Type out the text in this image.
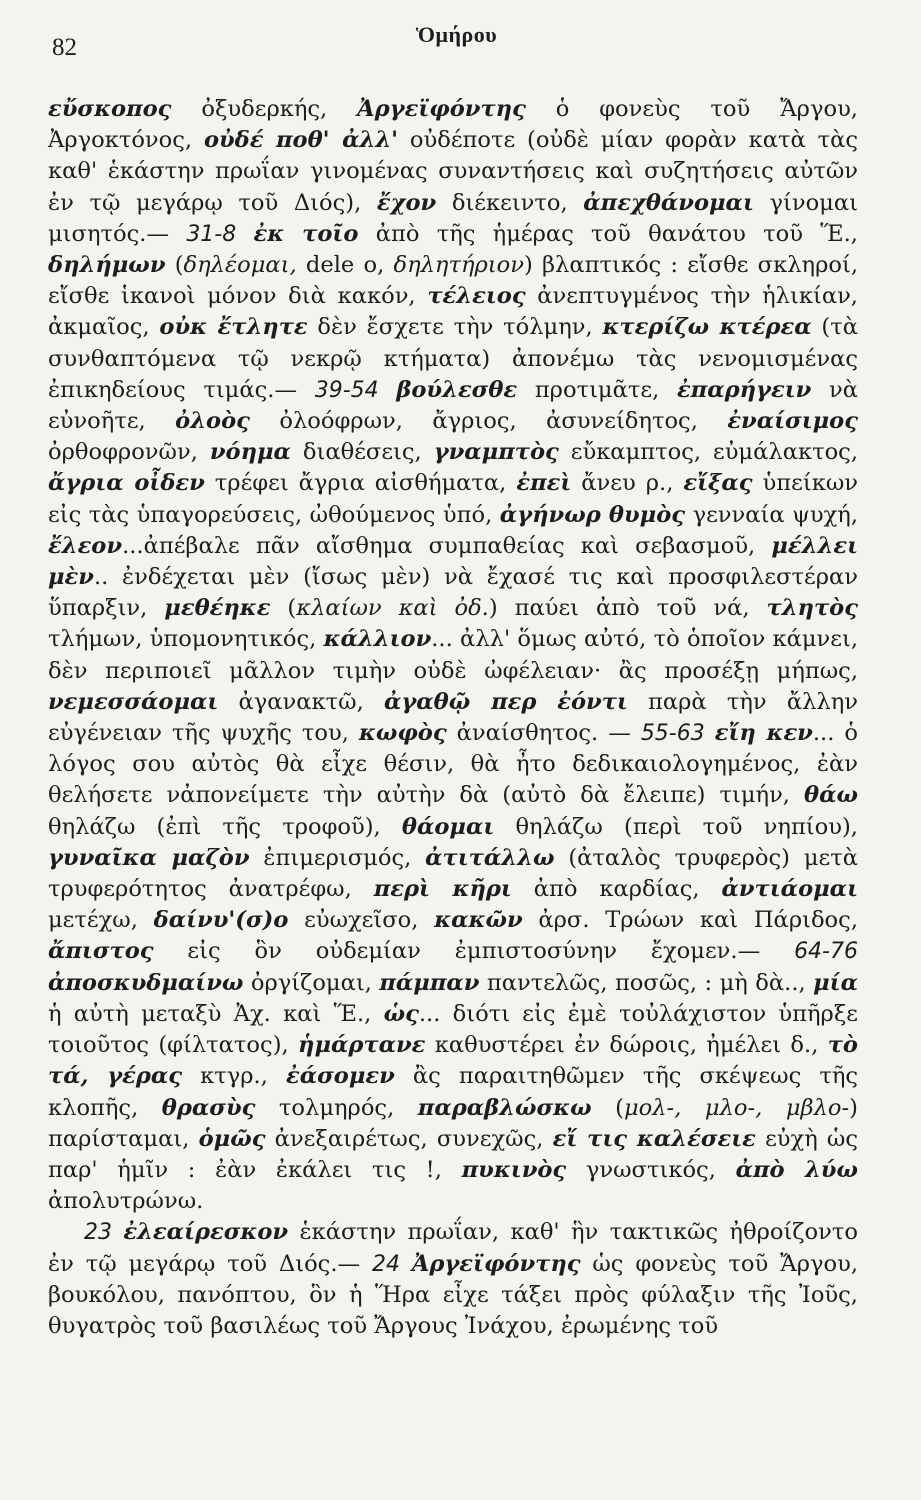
82	Ὁμήρου

εὔσκοπος ὀξυδερκής, Ἀργεϊφόντης ὁ φονεὺς τοῦ Ἄργου, Ἀργοκτόνος, οὐδέ ποθ' ἀλλ' οὐδέποτε (οὐδὲ μίαν φορὰν κατὰ τὰς καθ' ἑκάστην πρωΐαν γινομένας συναντήσεις καὶ συζητήσεις αὐτῶν ἐν τῷ μεγάρῳ τοῦ Διός), ἔχον διέκειντο, ἀπεχθάνομαι γίνομαι μισητός.— 31-8 ἐκ τοῖο ἀπὸ τῆς ἡμέρας τοῦ θανάτου τοῦ Ἕ., δηλήμων (δηλέομαι, dele o, δηλητήριον) βλαπτικός : εἴσθε σκληροί, εἴσθε ἱκανοὶ μόνον διὰ κακόν, τέλειος ἀνεπτυγμένος τὴν ἡλικίαν, ἀκμαῖος, οὐκ ἔτλητε δὲν ἔσχετε τὴν τόλμην, κτερίζω κτέρεα (τὰ συνθαπτόμενα τῷ νεκρῷ κτήματα) ἀπονέμω τὰς νενομισμένας ἐπικηδείους τιμάς.— 39-54 βούλεσθε προτιμᾶτε, ἐπαρήγειν νὰ εὐνοῆτε, ὀλοὸς ὀλοόφρων, ἄγριος, ἀσυνείδητος, ἐναίσιμος ὀρθοφρονῶν, νόημα διαθέσεις, γναμπτὸς εὔκαμπτος, εὐμάλακτος, ἄγρια οἶδεν τρέφει ἄγρια αἰσθήματα, ἐπεὶ ἄνευ ρ., εἴξας ὑπείκων εἰς τὰς ὑπαγορεύσεις, ὠθούμενος ὑπό, ἀγήνωρ θυμὸς γενναία ψυχή, ἔλεον...ἀπέβαλε πᾶν αἴσθημα συμπαθείας καὶ σεβασμοῦ, μέλλει μὲν.. ἐνδέχεται μὲν (ἴσως μὲν) νὰ ἔχασέ τις καὶ προσφιλεστέραν ὕπαρξιν, μεθέηκε (κλαίων καὶ ὀδ.) παύει ἀπὸ τοῦ νά, τλητὸς τλήμων, ὑπομονητικός, κάλλιον... ἀλλ' ὅμως αὐτό, τὸ ὁποῖον κάμνει, δὲν περιποιεῖ μᾶλλον τιμὴν οὐδὲ ὠφέλειαν· ἂς προσέξῃ μήπως, νεμεσσάομαι ἀγανακτῶ, ἀγαθῷ περ ἐόντι παρὰ τὴν ἄλλην εὐγένειαν τῆς ψυχῆς του, κωφὸς ἀναίσθητος. — 55-63 εἴη κεν... ὁ λόγος σου αὐτὸς θὰ εἶχε θέσιν, θὰ ἦτο δεδικαιολογημένος, ἐὰν θελήσετε νἀπονείμετε τὴν αὐτὴν δὰ (αὐτὸ δὰ ἔλειπε) τιμήν, θάω θηλάζω (ἐπὶ τῆς τροφοῦ), θάομαι θηλάζω (περὶ τοῦ νηπίου), γυναῖκα μαζὸν ἐπιμερισμός, ἀτιτάλλω (ἀταλὸς τρυφερὸς) μετὰ τρυφερότητος ἀνατρέφω, περὶ κῆρι ἀπὸ καρδίας, ἀντιάομαι μετέχω, δαίνυ'(σ)ο εὐωχεῖσο, κακῶν ἀρσ. Τρώων καὶ Πάριδος, ἄπιστος εἰς ὃν οὐδεμίαν ἐμπιστοσύνην ἔχομεν.— 64-76 ἀποσκυδμαίνω ὀργίζομαι, πάμπαν παντελῶς, ποσῶς, : μὴ δὰ.., μία ἡ αὐτὴ μεταξὺ Ἀχ. καὶ Ἕ., ὡς... διότι εἰς ἐμὲ τοὐλάχιστον ὑπῆρξε τοιοῦτος (φίλτατος), ἡμάρτανε καθυστέρει ἐν δώροις, ἠμέλει δ., τὸ τά, γέρας κτγρ., ἐάσομεν ἂς παραιτηθῶμεν τῆς σκέψεως τῆς κλοπῆς, θρασὺς τολμηρός, παραβλώσκω (μολ-, μλο-, μβλο-) παρίσταμαι, ὁμῶς ἀνεξαιρέτως, συνεχῶς, εἴ τις καλέσειε εὐχὴ ὡς παρ' ἡμῖν : ἐὰν ἐκάλει τις !, πυκινὸς γνωστικός, ἀπὸ λύω ἀπολυτρώνω.

23 ἐλεαίρεσκον ἑκάστην πρωΐαν, καθ' ἣν τακτικῶς ἠθροίζοντο ἐν τῷ μεγάρῳ τοῦ Διός.— 24 Ἀργεϊφόντης ὡς φονεὺς τοῦ Ἄργου, βουκόλου, πανόπτου, ὃν ἡ Ἥρα εἶχε τάξει πρὸς φύλαξιν τῆς Ἰοῦς, θυγατρὸς τοῦ βασιλέως τοῦ Ἄργους Ἰνάχου, ἐρωμένης τοῦ
